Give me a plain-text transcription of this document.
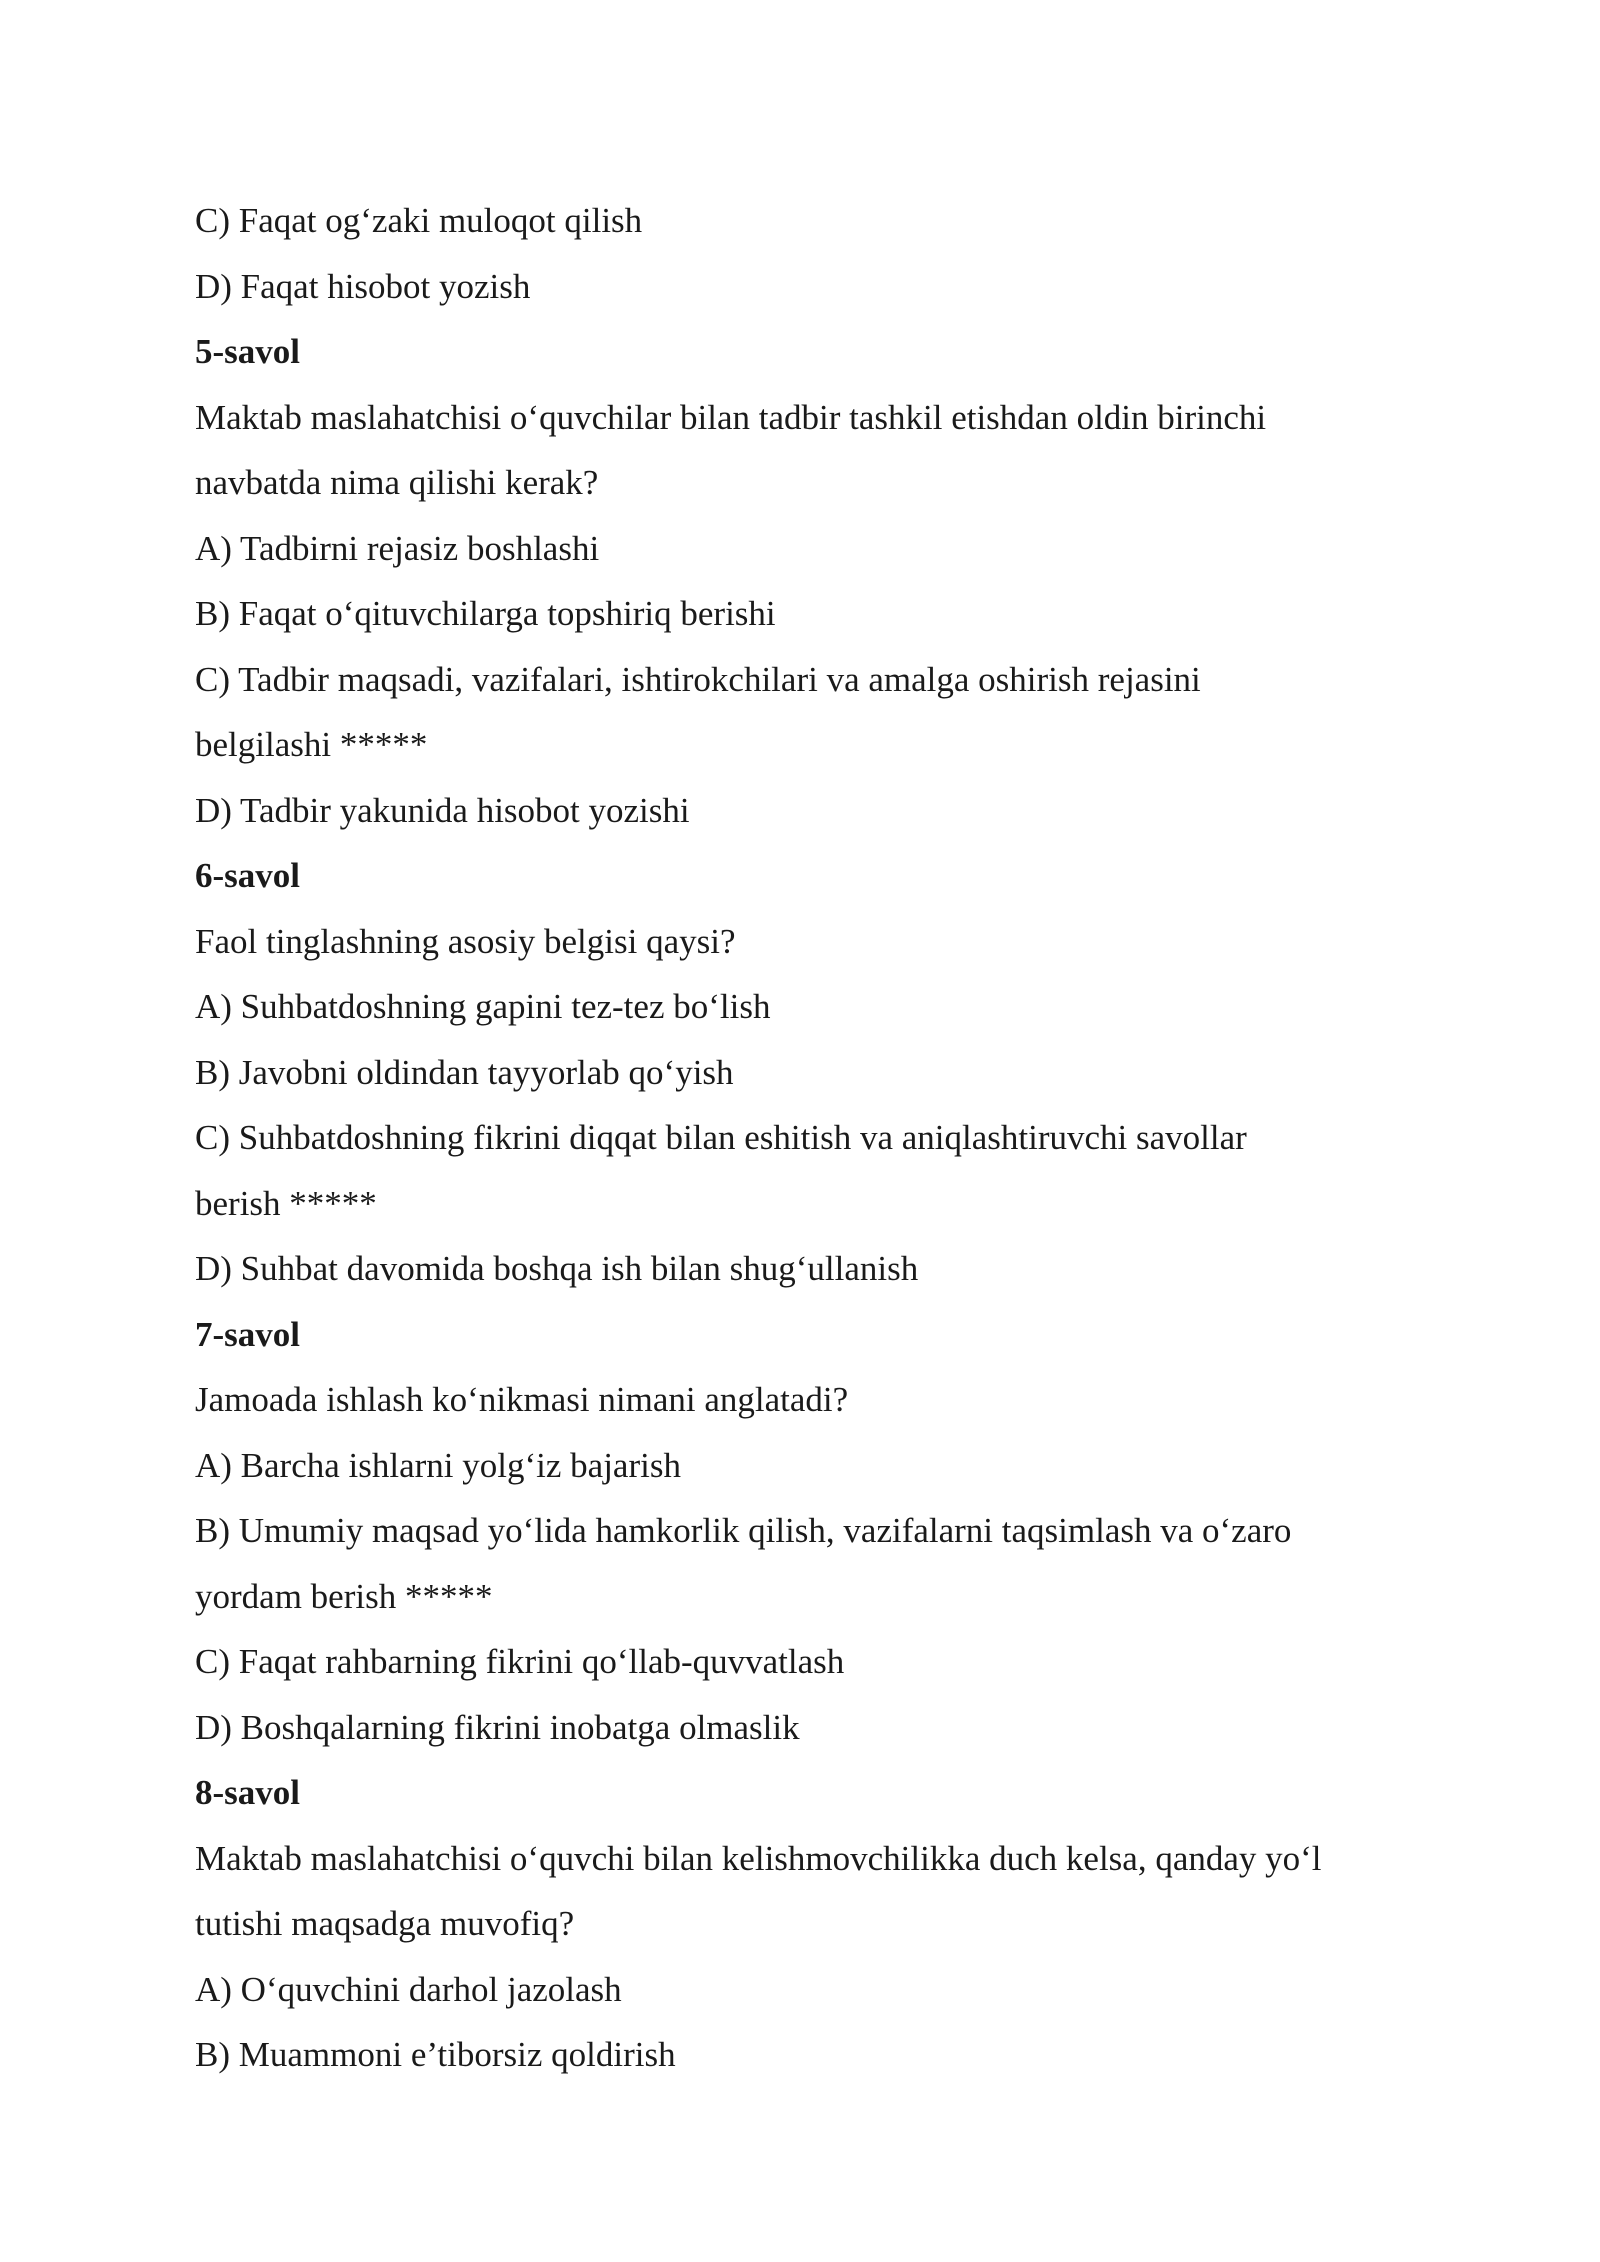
C) Faqat og‘zaki muloqot qilish
D) Faqat hisobot yozish
5-savol
Maktab maslahatchisi o‘quvchilar bilan tadbir tashkil etishdan oldin birinchi
navbatda nima qilishi kerak?
A) Tadbirni rejasiz boshlashi
B) Faqat o‘qituvchilarga topshiriq berishi
C) Tadbir maqsadi, vazifalari, ishtirokchilari va amalga oshirish rejasini
belgilashi *****
D) Tadbir yakunida hisobot yozishi
6-savol
Faol tinglashning asosiy belgisi qaysi?
A) Suhbatdoshning gapini tez-tez bo‘lish
B) Javobni oldindan tayyorlab qo‘yish
C) Suhbatdoshning fikrini diqqat bilan eshitish va aniqlashtiruvchi savollar
berish *****
D) Suhbat davomida boshqa ish bilan shug‘ullanish
7-savol
Jamoada ishlash ko‘nikmasi nimani anglatadi?
A) Barcha ishlarni yolg‘iz bajarish
B) Umumiy maqsad yo‘lida hamkorlik qilish, vazifalarni taqsimlash va o‘zaro
yordam berish *****
C) Faqat rahbarning fikrini qo‘llab-quvvatlash
D) Boshqalarning fikrini inobatga olmaslik
8-savol
Maktab maslahatchisi o‘quvchi bilan kelishmovchilikka duch kelsa, qanday yo‘l
tutishi maqsadga muvofiq?
A) O‘quvchini darhol jazolash
B) Muammoni e’tiborsiz qoldirish
